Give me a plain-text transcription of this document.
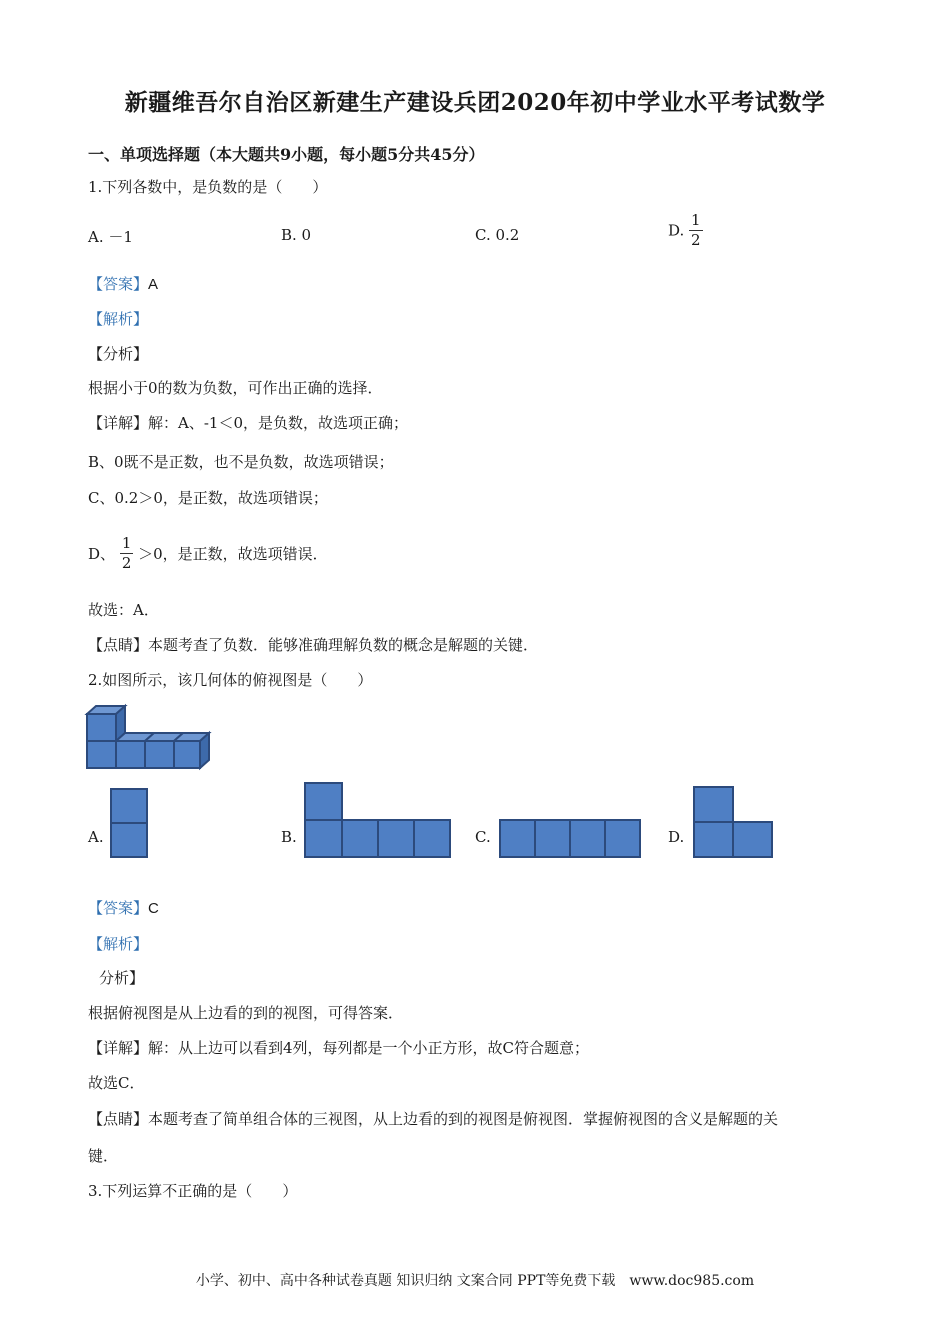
新疆维吾尔自治区新建生产建设兵团2020年初中学业水平考试数学
一、单项选择题（本大题共9小题，每小题5分共45分）
1.下列各数中，是负数的是（　　）
A. －1	B. 0	C. 0.2	D. $\frac{1}{2}$
【答案】A
【解析】
【分析】
根据小于0的数为负数，可作出正确的选择．
【详解】解：A、-1＜0，是负数，故选项正确；
B、0既不是正数，也不是负数，故选项错误；
C、0.2＞0，是正数，故选项错误；
D、 $\frac{1}{2} >0$，是正数，故选项错误．
故选：A．
【点睛】本题考查了负数．能够准确理解负数的概念是解题的关键．
2.如图所示，该几何体的俯视图是（　　）
A.	B.	C.	D.
【答案】C
【解析】
分析】
根据俯视图是从上边看的到的视图，可得答案．
【详解】解：从上边可以看到4列，每列都是一个小正方形，故C符合题意；
故选C．
【点睛】本题考查了简单组合体的三视图，从上边看的到的视图是俯视图．掌握俯视图的含义是解题的关
键．
3.下列运算不正确的是（　　）
小学、初中、高中各种试卷真题 知识归纳 文案合同 PPT等免费下载　www.doc985.com
